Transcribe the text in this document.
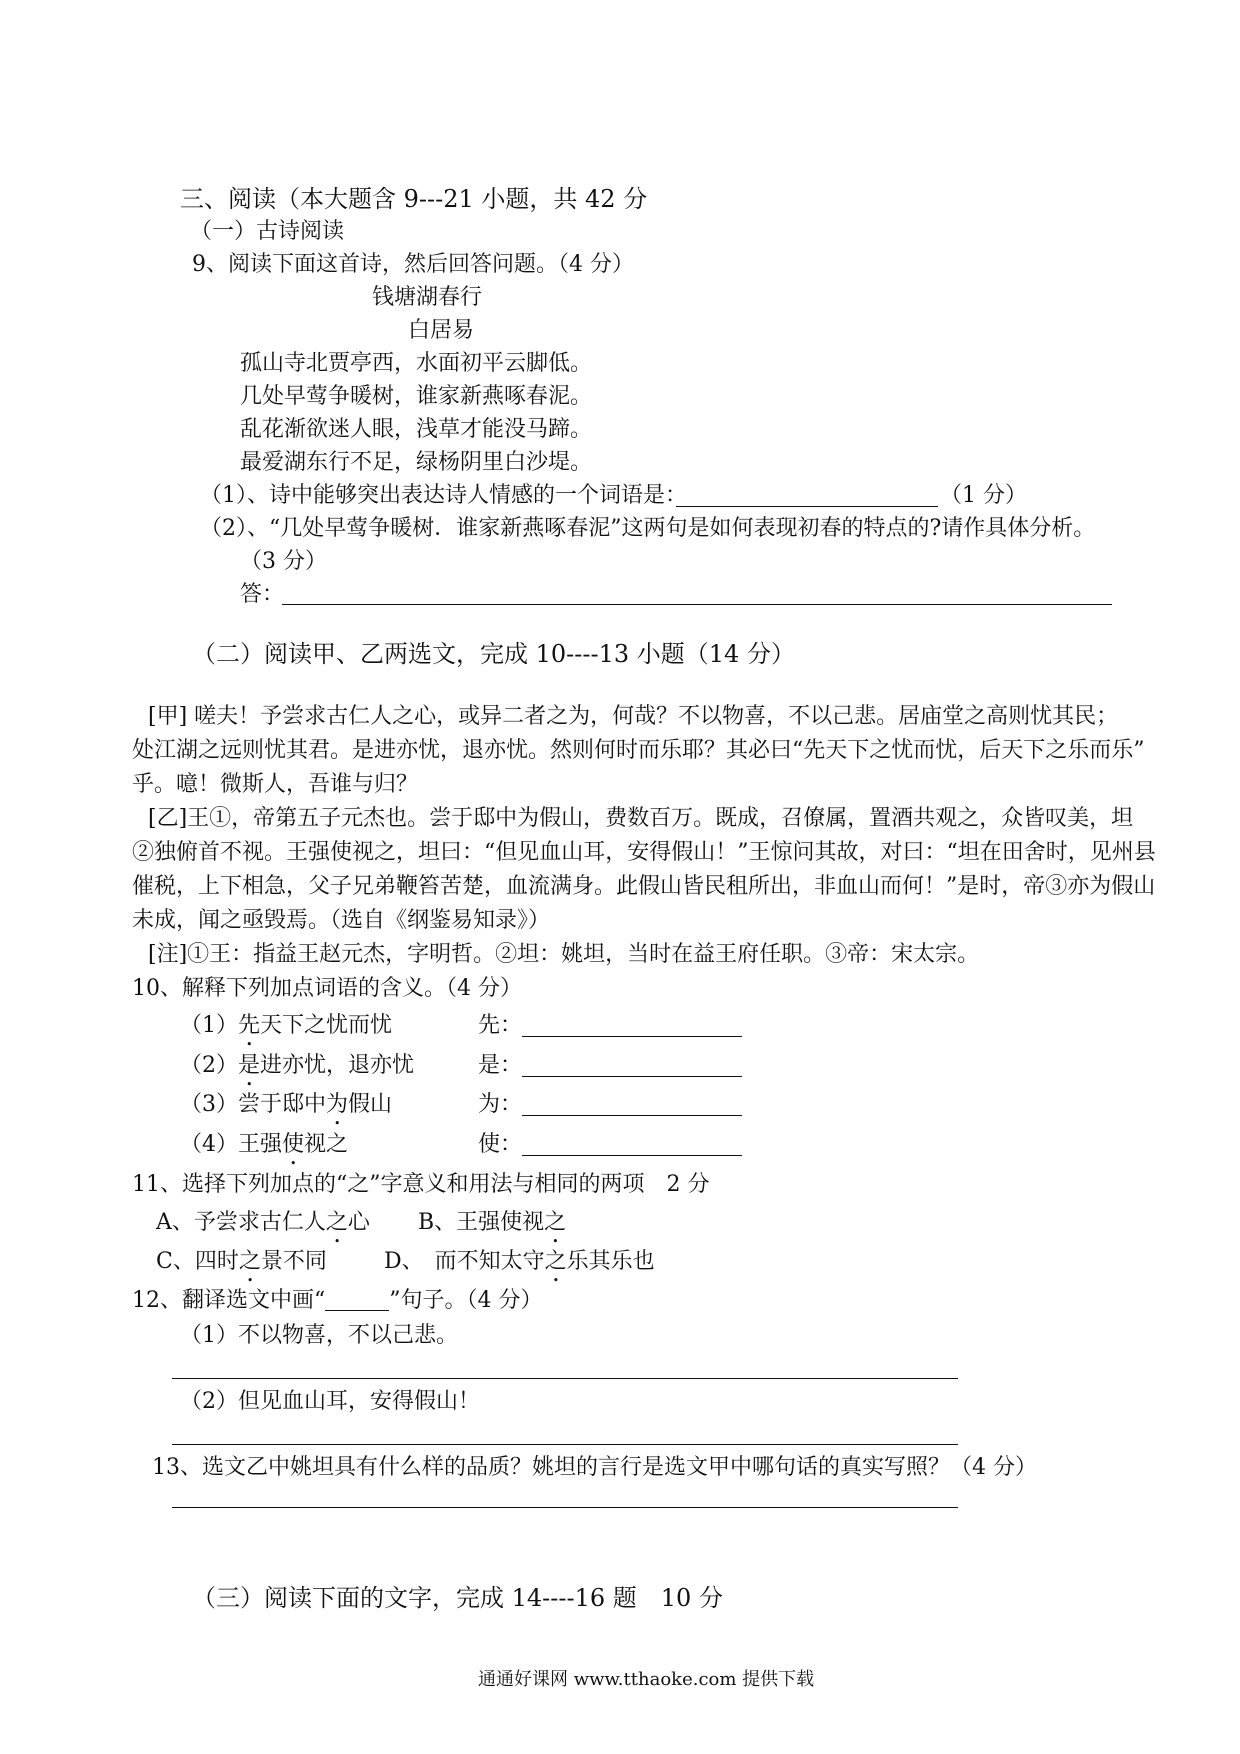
三、阅读（本大题含 9---21 小题，共 42 分
（一）古诗阅读
9、阅读下面这首诗，然后回答问题。（4 分）
钱塘湖春行
白居易
孤山寺北贾亭西，水面初平云脚低。
几处早莺争暖树，谁家新燕啄春泥。
乱花渐欲迷人眼，浅草才能没马蹄。
最爱湖东行不足，绿杨阴里白沙堤。
（1）、诗中能够突出表达诗人情感的一个词语是：	（1 分）
（2）、“几处早莺争暖树．谁家新燕啄春泥”这两句是如何表现初春的特点的?请作具体分析。
（3 分）
答：
（二）阅读甲、乙两选文，完成 10----13 小题（14 分）
[甲] 嗟夫！予尝求古仁人之心，或异二者之为，何哉？不以物喜，不以己悲。居庙堂之高则忧其民；
处江湖之远则忧其君。是进亦忧，退亦忧。然则何时而乐耶？其必曰“先天下之忧而忧，后天下之乐而乐”
乎。噫！微斯人，吾谁与归？
[乙]王①，帝第五子元杰也。尝于邸中为假山，费数百万。既成，召僚属，置酒共观之，众皆叹美，坦
②独俯首不视。王强使视之，坦曰：“但见血山耳，安得假山！”王惊问其故，对曰：“坦在田舍时，见州县
催税，上下相急，父子兄弟鞭笞苦楚，血流满身。此假山皆民租所出，非血山而何！”是时，帝③亦为假山
未成，闻之亟毁焉。（选自《纲鉴易知录》）
[注]①王：指益王赵元杰，字明哲。②坦：姚坦，当时在益王府任职。③帝：宋太宗。
10、解释下列加点词语的含义。（4 分）
（1）先天下之忧而忧	先：
（2）是进亦忧，退亦忧	是：
（3）尝于邸中为假山	为：
（4）王强使视之	使：
11、选择下列加点的“之”字意义和用法与相同的两项　2 分
A、予尝求古仁人之心 B、王强使视之
C、四时之景不同	D、　而不知太守之乐其乐也
12、翻译选文中画“	”句子。（4 分）
（1）不以物喜，不以己悲。
（2）但见血山耳，安得假山！
13、选文乙中姚坦具有什么样的品质？姚坦的言行是选文甲中哪句话的真实写照？（4 分）
（三）阅读下面的文字，完成 14----16 题　10 分
通通好课网 www.tthaoke.com 提供下载
